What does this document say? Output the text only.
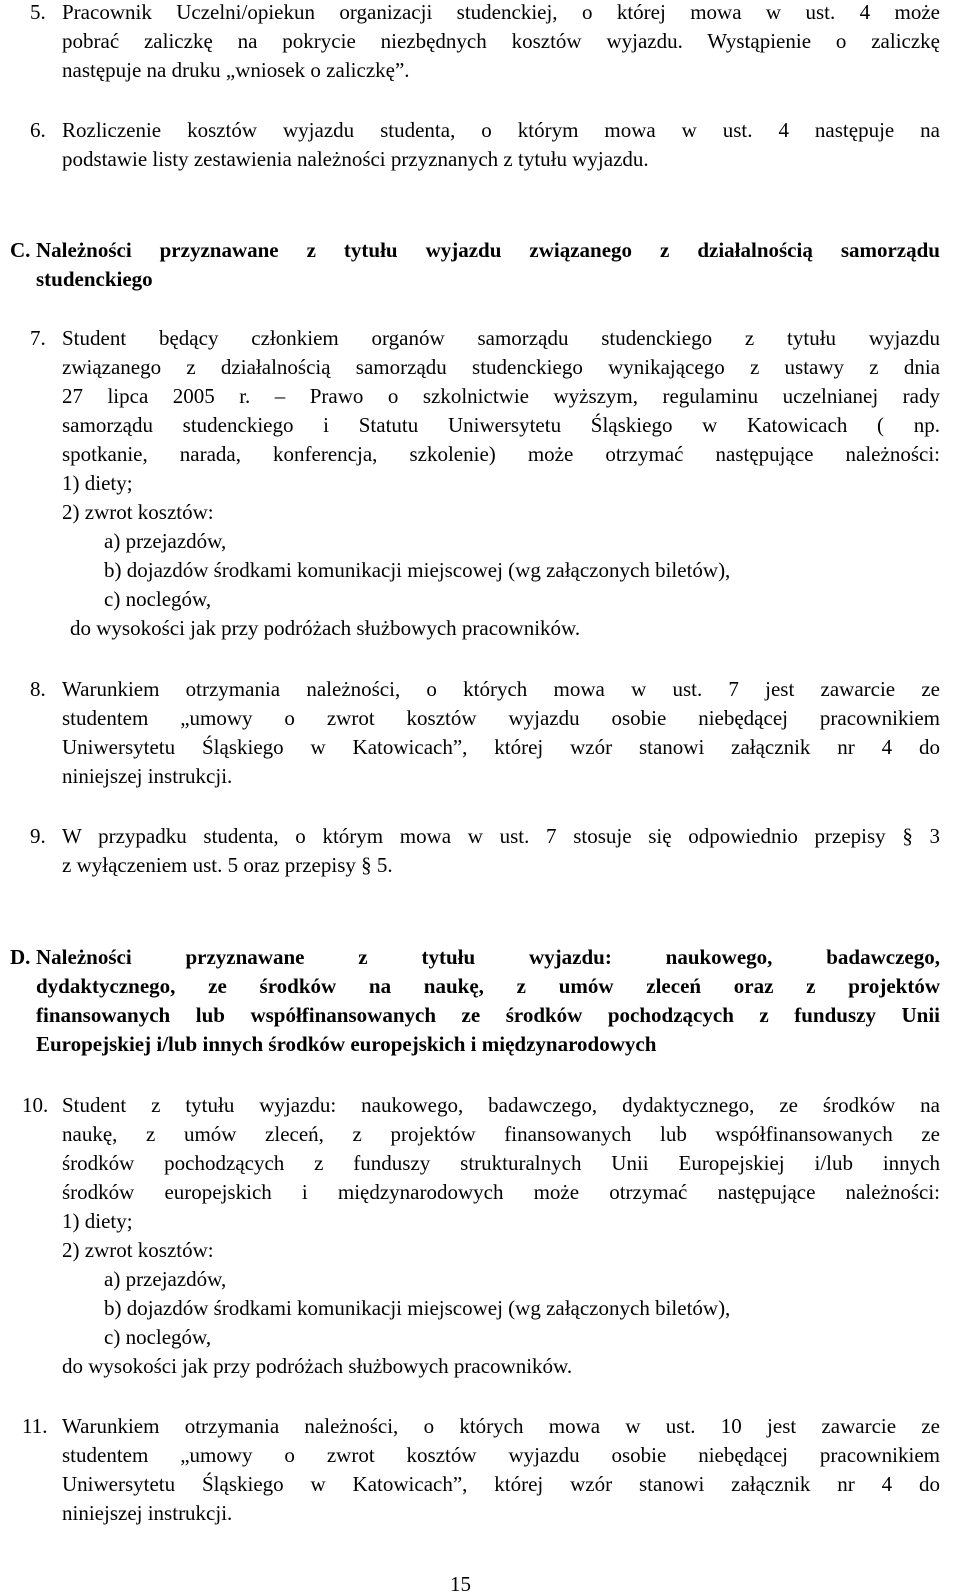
5. Pracownik Uczelni/opiekun organizacji studenckiej, o której mowa w ust. 4 może
pobrać zaliczkę na pokrycie niezbędnych kosztów wyjazdu. Wystąpienie o zaliczkę
następuje na druku „wniosek o zaliczkę”.
6. Rozliczenie kosztów wyjazdu studenta, o którym mowa w ust. 4 następuje na
podstawie listy zestawienia należności przyznanych z tytułu wyjazdu.
C. Należności przyznawane z tytułu wyjazdu związanego z działalnością samorządu
studenckiego
7. Student będący członkiem organów samorządu studenckiego z tytułu wyjazdu
związanego z działalnością samorządu studenckiego wynikającego z ustawy z dnia
27 lipca 2005 r. – Prawo o szkolnictwie wyższym, regulaminu uczelnianej rady
samorządu studenckiego i Statutu Uniwersytetu Śląskiego w Katowicach ( np.
spotkanie, narada, konferencja, szkolenie) może otrzymać następujące należności:
1) diety;
2) zwrot kosztów:
a) przejazdów,
b) dojazdów środkami komunikacji miejscowej (wg załączonych biletów),
c) noclegów,
do wysokości jak przy podróżach służbowych pracowników.
8. Warunkiem otrzymania należności, o których mowa w ust. 7 jest zawarcie ze
studentem „umowy o zwrot kosztów wyjazdu osobie niebędącej pracownikiem
Uniwersytetu Śląskiego w Katowicach”, której wzór stanowi załącznik nr 4 do
niniejszej instrukcji.
9. W przypadku studenta, o którym mowa w ust. 7 stosuje się odpowiednio przepisy § 3
z wyłączeniem ust. 5 oraz przepisy § 5.
D. Należności przyznawane z tytułu wyjazdu: naukowego, badawczego,
dydaktycznego, ze środków na naukę, z umów zleceń oraz z projektów
finansowanych lub współfinansowanych ze środków pochodzących z funduszy Unii
Europejskiej i/lub innych środków europejskich i międzynarodowych
10. Student z tytułu wyjazdu: naukowego, badawczego, dydaktycznego, ze środków na
naukę, z umów zleceń, z projektów finansowanych lub współfinansowanych ze
środków pochodzących z funduszy strukturalnych Unii Europejskiej i/lub innych
środków europejskich i międzynarodowych może otrzymać następujące należności:
1) diety;
2) zwrot kosztów:
a) przejazdów,
b) dojazdów środkami komunikacji miejscowej (wg załączonych biletów),
c) noclegów,
do wysokości jak przy podróżach służbowych pracowników.
11. Warunkiem otrzymania należności, o których mowa w ust. 10 jest zawarcie ze
studentem „umowy o zwrot kosztów wyjazdu osobie niebędącej pracownikiem
Uniwersytetu Śląskiego w Katowicach”, której wzór stanowi załącznik nr 4 do
niniejszej instrukcji.
15
